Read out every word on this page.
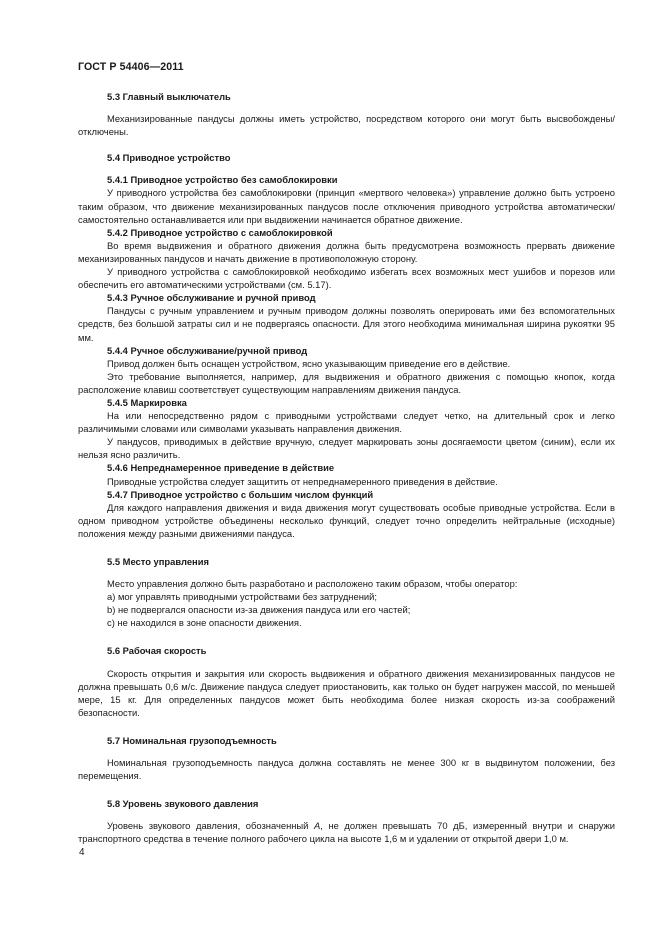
ГОСТ Р 54406—2011
5.3 Главный выключатель
Механизированные пандусы должны иметь устройство, посредством которого они могут быть высвобождены/отключены.
5.4 Приводное устройство
5.4.1 Приводное устройство без самоблокировки
У приводного устройства без самоблокировки (принцип «мертвого человека») управление должно быть устроено таким образом, что движение механизированных пандусов после отключения приводного устройства автоматически/самостоятельно останавливается или при выдвижении начинается обратное движение.
5.4.2 Приводное устройство с самоблокировкой
Во время выдвижения и обратного движения должна быть предусмотрена возможность прервать движение механизированных пандусов и начать движение в противоположную сторону.
У приводного устройства с самоблокировкой необходимо избегать всех возможных мест ушибов и порезов или обеспечить его автоматическими устройствами (см. 5.17).
5.4.3 Ручное обслуживание и ручной привод
Пандусы с ручным управлением и ручным приводом должны позволять оперировать ими без вспомогательных средств, без большой затраты сил и не подвергаясь опасности. Для этого необходима минимальная ширина рукоятки 95 мм.
5.4.4 Ручное обслуживание/ручной привод
Привод должен быть оснащен устройством, ясно указывающим приведение его в действие.
Это требование выполняется, например, для выдвижения и обратного движения с помощью кнопок, когда расположение клавиш соответствует существующим направлениям движения пандуса.
5.4.5 Маркировка
На или непосредственно рядом с приводными устройствами следует четко, на длительный срок и легко различимыми словами или символами указывать направления движения.
У пандусов, приводимых в действие вручную, следует маркировать зоны досягаемости цветом (синим), если их нельзя ясно различить.
5.4.6 Непреднамеренное приведение в действие
Приводные устройства следует защитить от непреднамеренного приведения в действие.
5.4.7 Приводное устройство с большим числом функций
Для каждого направления движения и вида движения могут существовать особые приводные устройства. Если в одном приводном устройстве объединены несколько функций, следует точно определить нейтральные (исходные) положения между разными движениями пандуса.
5.5 Место управления
Место управления должно быть разработано и расположено таким образом, чтобы оператор:
а) мог управлять приводными устройствами без затруднений;
b) не подвергался опасности из-за движения пандуса или его частей;
c) не находился в зоне опасности движения.
5.6 Рабочая скорость
Скорость открытия и закрытия или скорость выдвижения и обратного движения механизированных пандусов не должна превышать 0,6 м/с. Движение пандуса следует приостановить, как только он будет нагружен массой, по меньшей мере, 15 кг. Для определенных пандусов может быть необходима более низкая скорость из-за соображений безопасности.
5.7 Номинальная грузоподъемность
Номинальная грузоподъемность пандуса должна составлять не менее 300 кг в выдвинутом положении, без перемещения.
5.8 Уровень звукового давления
Уровень звукового давления, обозначенный А, не должен превышать 70 дБ, измеренный внутри и снаружи транспортного средства в течение полного рабочего цикла на высоте 1,6 м и удалении от открытой двери 1,0 м.
4
